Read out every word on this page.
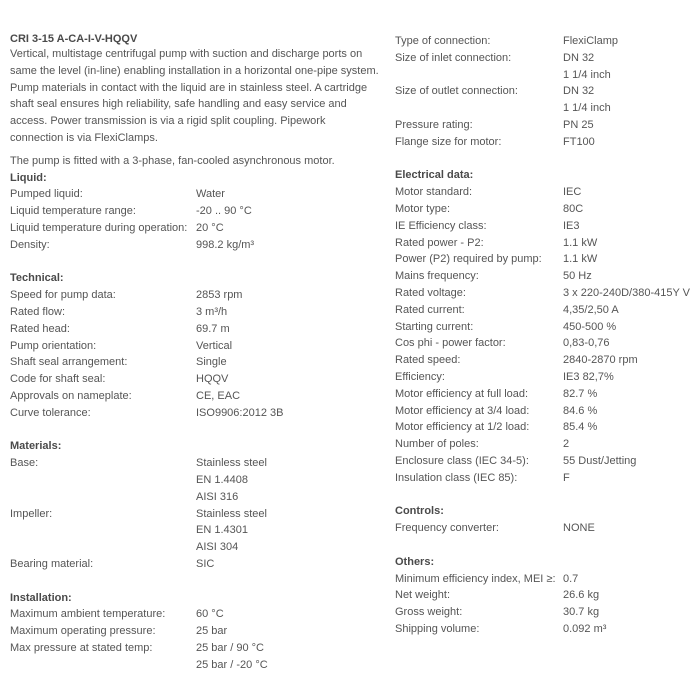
CRI 3-15 A-CA-I-V-HQQV

Vertical, multistage centrifugal pump with suction and discharge ports on same the level (in-line) enabling installation in a horizontal one-pipe system. Pump materials in contact with the liquid are in stainless steel. A cartridge shaft seal ensures high reliability, safe handling and easy service and access. Power transmission is via a rigid split coupling. Pipework connection is via FlexiClamps.

The pump is fitted with a 3-phase, fan-cooled asynchronous motor.
Liquid:
Pumped liquid:	Water
Liquid temperature range:	-20 .. 90 °C
Liquid temperature during operation: 20 °C
Density:	998.2 kg/m³
Technical:
Speed for pump data:	2853 rpm
Rated flow:	3 m³/h
Rated head:	69.7 m
Pump orientation:	Vertical
Shaft seal arrangement:	Single
Code for shaft seal:	HQQV
Approvals on nameplate:	CE, EAC
Curve tolerance:	ISO9906:2012 3B
Materials:
Base:	Stainless steel
EN 1.4408
AISI 316
Impeller:	Stainless steel
EN 1.4301
AISI 304
Bearing material:	SIC
Installation:
Maximum ambient temperature:	60 °C
Maximum operating pressure:	25 bar
Max pressure at stated temp:	25 bar / 90 °C
25 bar / -20 °C
Type of connection:	FlexiClamp
Size of inlet connection:	DN 32
1 1/4 inch
Size of outlet connection:	DN 32
1 1/4 inch
Pressure rating:	PN 25
Flange size for motor:	FT100
Electrical data:
Motor standard:	IEC
Motor type:	80C
IE Efficiency class:	IE3
Rated power - P2:	1.1 kW
Power (P2) required by pump:	1.1 kW
Mains frequency:	50 Hz
Rated voltage:	3 x 220-240D/380-415Y V
Rated current:	4,35/2,50 A
Starting current:	450-500 %
Cos phi - power factor:	0,83-0,76
Rated speed:	2840-2870 rpm
Efficiency:	IE3 82,7%
Motor efficiency at full load:	82.7 %
Motor efficiency at 3/4 load:	84.6 %
Motor efficiency at 1/2 load:	85.4 %
Number of poles:	2
Enclosure class (IEC 34-5):	55 Dust/Jetting
Insulation class (IEC 85):	F
Controls:
Frequency converter:	NONE
Others:
Minimum efficiency index, MEI ≥: 0.7
Net weight:	26.6 kg
Gross weight:	30.7 kg
Shipping volume:	0.092 m³
